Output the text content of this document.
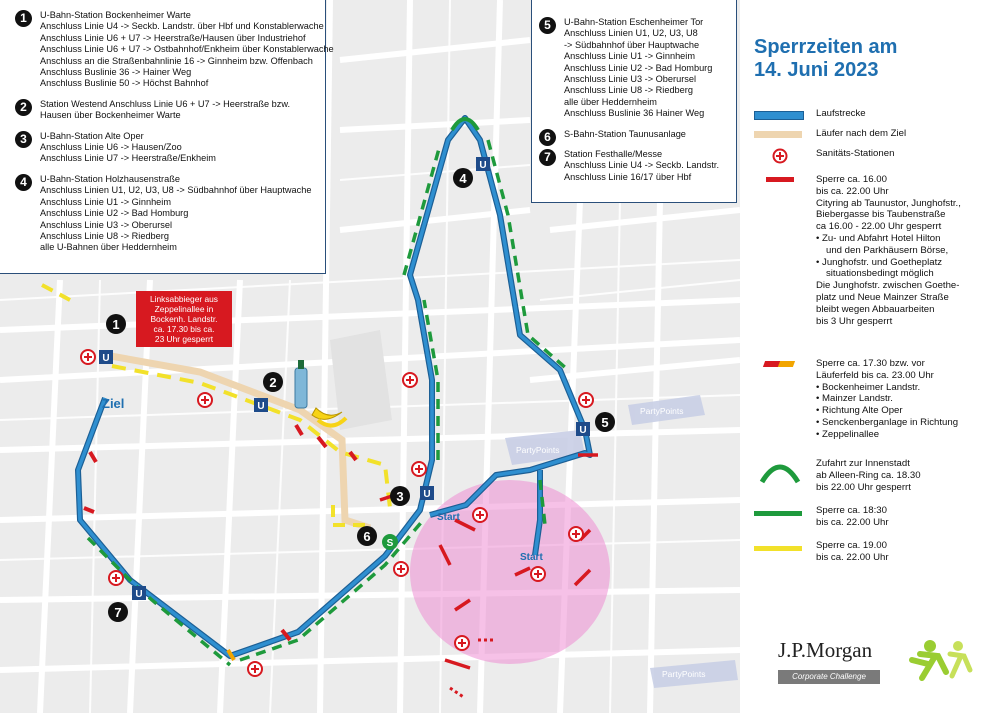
U
U
U
U
U
U
S
1
2
3
4
5
6
7
Ziel
Start
Start
PartyPoints
PartyPoints
PartyPoints
Linksabbieger aus
Zeppelinallee in
Bockenh. Landstr.
ca. 17.30 bis ca.
23 Uhr gesperrt
1	U-Bahn-Station Bockenheimer Warte
Anschluss Linie U4 -> Seckb. Landstr. über Hbf und Konstablerwache
Anschluss Linie U6 + U7 -> Heerstraße/Hausen über Industriehof
Anschluss Linie U6 + U7 -> Ostbahnhof/Enkheim über Konstablerwache
Anschluss an die Straßenbahnlinie 16 -> Ginnheim bzw. Offenbach
Anschluss Buslinie 36 -> Hainer Weg
Anschluss Buslinie 50 -> Höchst Bahnhof
2	Station Westend Anschluss Linie U6 + U7 -> Heerstraße bzw.
Hausen über Bockenheimer Warte
3	U-Bahn-Station Alte Oper
Anschluss Linie U6 -> Hausen/Zoo
Anschluss Linie U7 -> Heerstraße/Enkheim
4	U-Bahn-Station Holzhausenstraße
Anschluss Linien U1, U2, U3, U8 -> Südbahnhof über Hauptwache
Anschluss Linie U1 -> Ginnheim
Anschluss Linie U2 -> Bad Homburg
Anschluss Linie U3 -> Oberursel
Anschluss Linie U8 -> Riedberg
alle U-Bahnen über Heddernheim
5	U-Bahn-Station Eschenheimer Tor
Anschluss Linien U1, U2, U3, U8
-> Südbahnhof über Hauptwache
Anschluss Linie U1 -> Ginnheim
Anschluss Linie U2 -> Bad Homburg
Anschluss Linie U3 -> Oberursel
Anschluss Linie U8 -> Riedberg
alle über Heddernheim
Anschluss Buslinie 36 Hainer Weg
6	S-Bahn-Station Taunusanlage
7	Station Festhalle/Messe
Anschluss Linie U4 -> Seckb. Landstr.
Anschluss Linie 16/17 über Hbf
Sperrzeiten am
14. Juni 2023
Laufstrecke
Läufer nach dem Ziel
Sanitäts-Stationen
Sperre ca. 16.00
bis ca. 22.00 Uhr
Cityring ab Taunustor, Junghofstr.,
Biebergasse bis Taubenstraße
ca 16.00 - 22.00 Uhr gesperrt
• Zu- und Abfahrt Hotel Hilton
und den Parkhäusern Börse,
• Junghofstr. und Goetheplatz
situationsbedingt möglich
Die Junghofstr. zwischen Goethe-
platz und Neue Mainzer Straße
bleibt wegen Abbauarbeiten
bis 3 Uhr gesperrt
Sperre ca. 17.30 bzw. vor
Läuferfeld bis ca. 23.00 Uhr
• Bockenheimer Landstr.
• Mainzer Landstr.
• Richtung Alte Oper
• Senckenberganlage in Richtung
• Zeppelinallee
Zufahrt zur Innenstadt
ab Alleen-Ring ca. 18.30
bis 22.00 Uhr gesperrt
Sperre ca. 18:30
bis ca. 22.00 Uhr
Sperre ca. 19.00
bis ca. 22.00 Uhr
J.P.Morgan
Corporate Challenge
